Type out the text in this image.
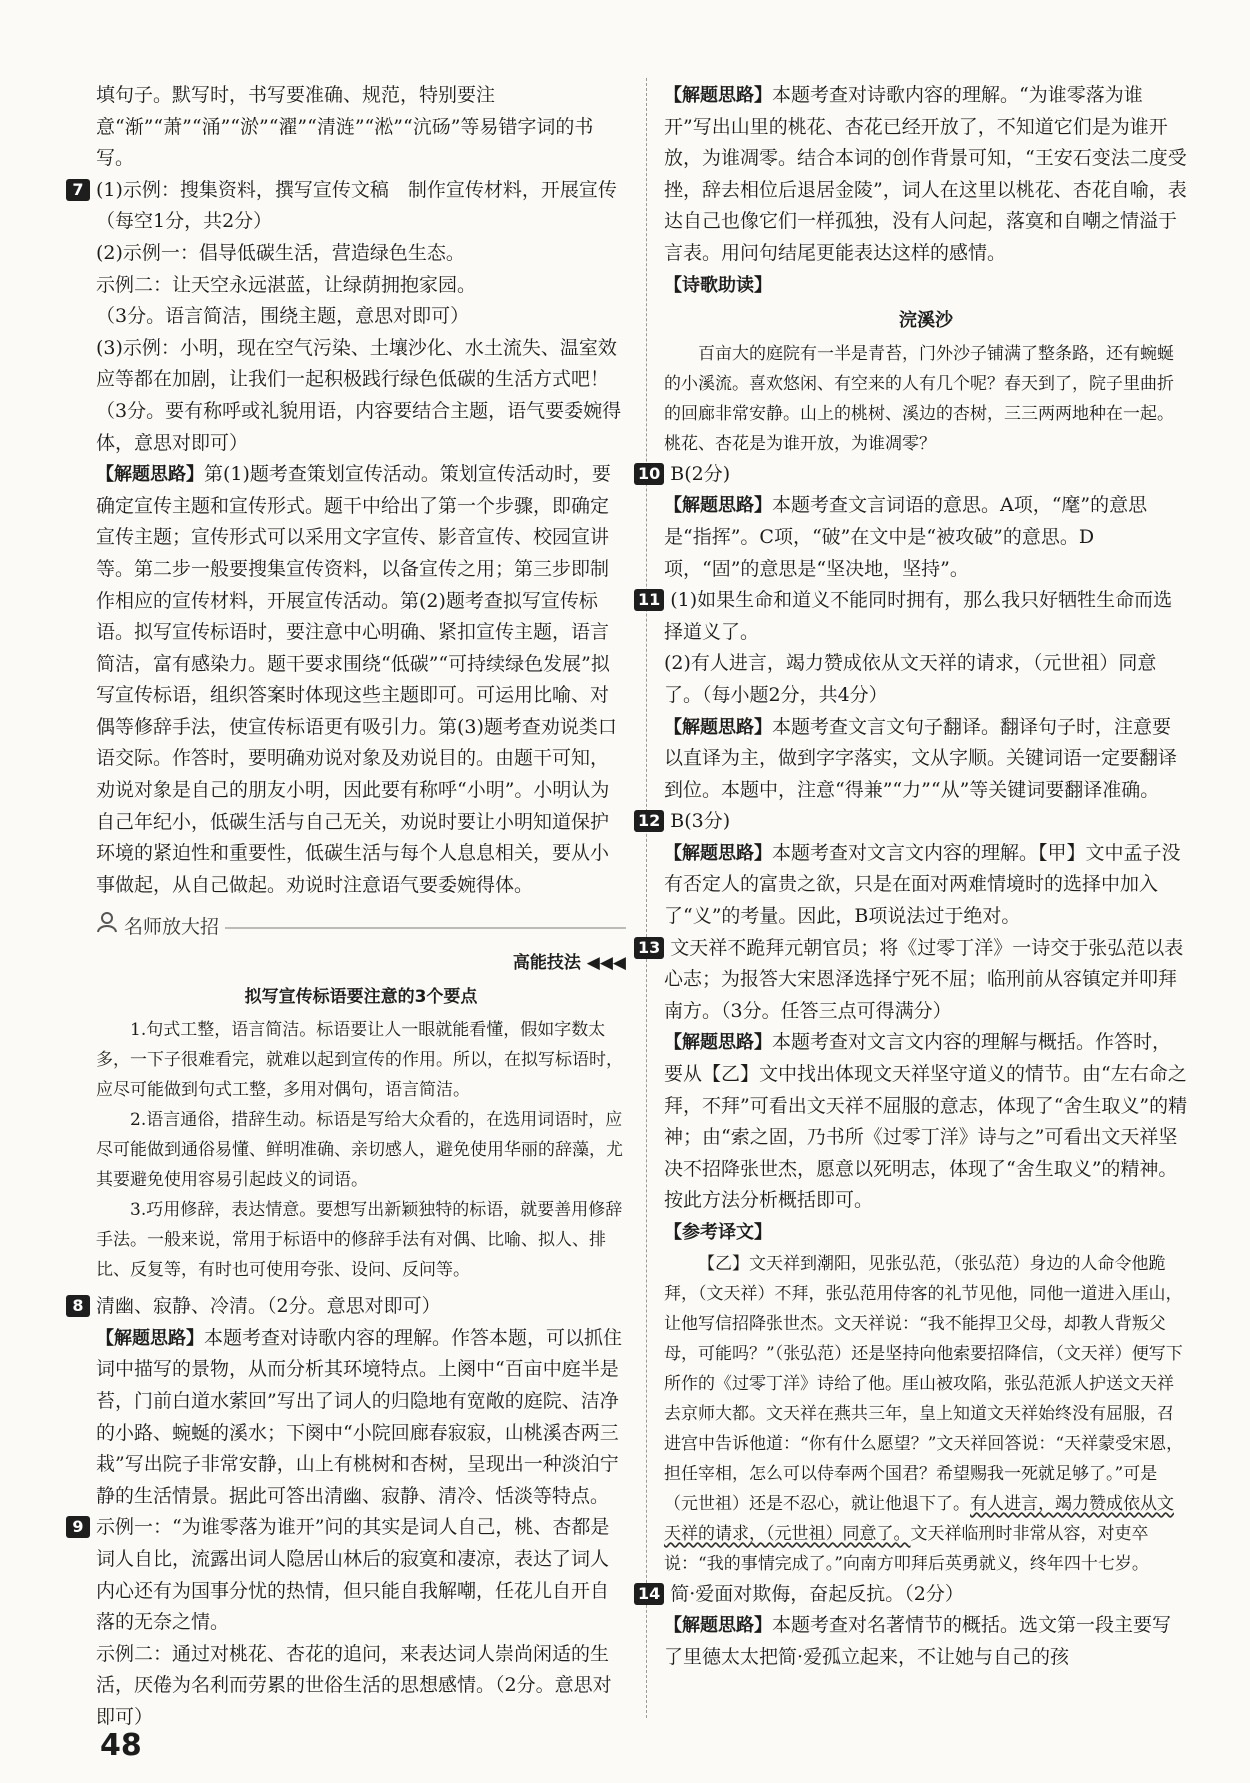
填句子。默写时，书写要准确、规范，特别要注意“渐”“萧”“涌”“淤”“濯”“清涟”“淞”“沆砀”等易错字词的书写。

7 (1)示例：搜集资料，撰写宣传文稿　制作宣传材料，开展宣传（每空1分，共2分）

(2)示例一：倡导低碳生活，营造绿色生态。

示例二：让天空永远湛蓝，让绿荫拥抱家园。

（3分。语言简洁，围绕主题，意思对即可）

(3)示例：小明，现在空气污染、土壤沙化、水土流失、温室效应等都在加剧，让我们一起积极践行绿色低碳的生活方式吧！（3分。要有称呼或礼貌用语，内容要结合主题，语气要委婉得体，意思对即可）

【解题思路】第(1)题考查策划宣传活动。策划宣传活动时，要确定宣传主题和宣传形式。题干中给出了第一个步骤，即确定宣传主题；宣传形式可以采用文字宣传、影音宣传、校园宣讲等。第二步一般要搜集宣传资料，以备宣传之用；第三步即制作相应的宣传材料，开展宣传活动。第(2)题考查拟写宣传标语。拟写宣传标语时，要注意中心明确、紧扣宣传主题，语言简洁，富有感染力。题干要求围绕“低碳”“可持续绿色发展”拟写宣传标语，组织答案时体现这些主题即可。可运用比喻、对偶等修辞手法，使宣传标语更有吸引力。第(3)题考查劝说类口语交际。作答时，要明确劝说对象及劝说目的。由题干可知，劝说对象是自己的朋友小明，因此要有称呼“小明”。小明认为自己年纪小，低碳生活与自己无关，劝说时要让小明知道保护环境的紧迫性和重要性，低碳生活与每个人息息相关，要从小事做起，从自己做起。劝说时注意语气要委婉得体。

名师放大招
高能技法 ◀◀◀
拟写宣传标语要注意的3个要点

1.句式工整，语言简洁。标语要让人一眼就能看懂，假如字数太多，一下子很难看完，就难以起到宣传的作用。所以，在拟写标语时，应尽可能做到句式工整，多用对偶句，语言简洁。

2.语言通俗，措辞生动。标语是写给大众看的，在选用词语时，应尽可能做到通俗易懂、鲜明准确、亲切感人，避免使用华丽的辞藻，尤其要避免使用容易引起歧义的词语。

3.巧用修辞，表达情意。要想写出新颖独特的标语，就要善用修辞手法。一般来说，常用于标语中的修辞手法有对偶、比喻、拟人、排比、反复等，有时也可使用夸张、设问、反问等。

8 清幽、寂静、冷清。（2分。意思对即可）

【解题思路】本题考查对诗歌内容的理解。作答本题，可以抓住词中描写的景物，从而分析其环境特点。上阕中“百亩中庭半是苔，门前白道水萦回”写出了词人的归隐地有宽敞的庭院、洁净的小路、蜿蜒的溪水；下阕中“小院回廊春寂寂，山桃溪杏两三栽”写出院子非常安静，山上有桃树和杏树，呈现出一种淡泊宁静的生活情景。据此可答出清幽、寂静、清冷、恬淡等特点。

9 示例一：“为谁零落为谁开”问的其实是词人自己，桃、杏都是词人自比，流露出词人隐居山林后的寂寞和凄凉，表达了词人内心还有为国事分忧的热情，但只能自我解嘲，任花儿自开自落的无奈之情。

示例二：通过对桃花、杏花的追问，来表达词人崇尚闲适的生活，厌倦为名利而劳累的世俗生活的思想感情。（2分。意思对即可）

【解题思路】本题考查对诗歌内容的理解。“为谁零落为谁开”写出山里的桃花、杏花已经开放了，不知道它们是为谁开放，为谁凋零。结合本词的创作背景可知，“王安石变法二度受挫，辞去相位后退居金陵”，词人在这里以桃花、杏花自喻，表达自己也像它们一样孤独，没有人问起，落寞和自嘲之情溢于言表。用问句结尾更能表达这样的感情。

【诗歌助读】

浣溪沙

百亩大的庭院有一半是青苔，门外沙子铺满了整条路，还有蜿蜒的小溪流。喜欢悠闲、有空来的人有几个呢？春天到了，院子里曲折的回廊非常安静。山上的桃树、溪边的杏树，三三两两地种在一起。桃花、杏花是为谁开放，为谁凋零？

10 B(2分)

【解题思路】本题考查文言词语的意思。A项，“麾”的意思是“指挥”。C项，“破”在文中是“被攻破”的意思。D项，“固”的意思是“坚决地，坚持”。

11 (1)如果生命和道义不能同时拥有，那么我只好牺牲生命而选择道义了。

(2)有人进言，竭力赞成依从文天祥的请求，（元世祖）同意了。（每小题2分，共4分）

【解题思路】本题考查文言文句子翻译。翻译句子时，注意要以直译为主，做到字字落实，文从字顺。关键词语一定要翻译到位。本题中，注意“得兼”“力”“从”等关键词要翻译准确。

12 B(3分)

【解题思路】本题考查对文言文内容的理解。【甲】文中孟子没有否定人的富贵之欲，只是在面对两难情境时的选择中加入了“义”的考量。因此，B项说法过于绝对。

13 文天祥不跪拜元朝官员；将《过零丁洋》一诗交于张弘范以表心志；为报答大宋恩泽选择宁死不屈；临刑前从容镇定并叩拜南方。（3分。任答三点可得满分）

【解题思路】本题考查对文言文内容的理解与概括。作答时，要从【乙】文中找出体现文天祥坚守道义的情节。由“左右命之拜，不拜”可看出文天祥不屈服的意志，体现了“舍生取义”的精神；由“索之固，乃书所《过零丁洋》诗与之”可看出文天祥坚决不招降张世杰，愿意以死明志，体现了“舍生取义”的精神。按此方法分析概括即可。

【参考译文】

【乙】文天祥到潮阳，见张弘范，（张弘范）身边的人命令他跪拜，（文天祥）不拜，张弘范用侍客的礼节见他，同他一道进入厓山，让他写信招降张世杰。文天祥说：“我不能捍卫父母，却教人背叛父母，可能吗？”（张弘范）还是坚持向他索要招降信，（文天祥）便写下所作的《过零丁洋》诗给了他。厓山被攻陷，张弘范派人护送文天祥去京师大都。文天祥在燕共三年，皇上知道文天祥始终没有屈服，召进宫中告诉他道：“你有什么愿望？”文天祥回答说：“天祥蒙受宋恩，担任宰相，怎么可以侍奉两个国君？希望赐我一死就足够了。”可是（元世祖）还是不忍心，就让他退下了。有人进言，竭力赞成依从文天祥的请求，（元世祖）同意了。文天祥临刑时非常从容，对吏卒说：“我的事情完成了。”向南方叩拜后英勇就义，终年四十七岁。

14 简·爱面对欺侮，奋起反抗。（2分）

【解题思路】本题考查对名著情节的概括。选文第一段主要写了里德太太把简·爱孤立起来，不让她与自己的孩

48
